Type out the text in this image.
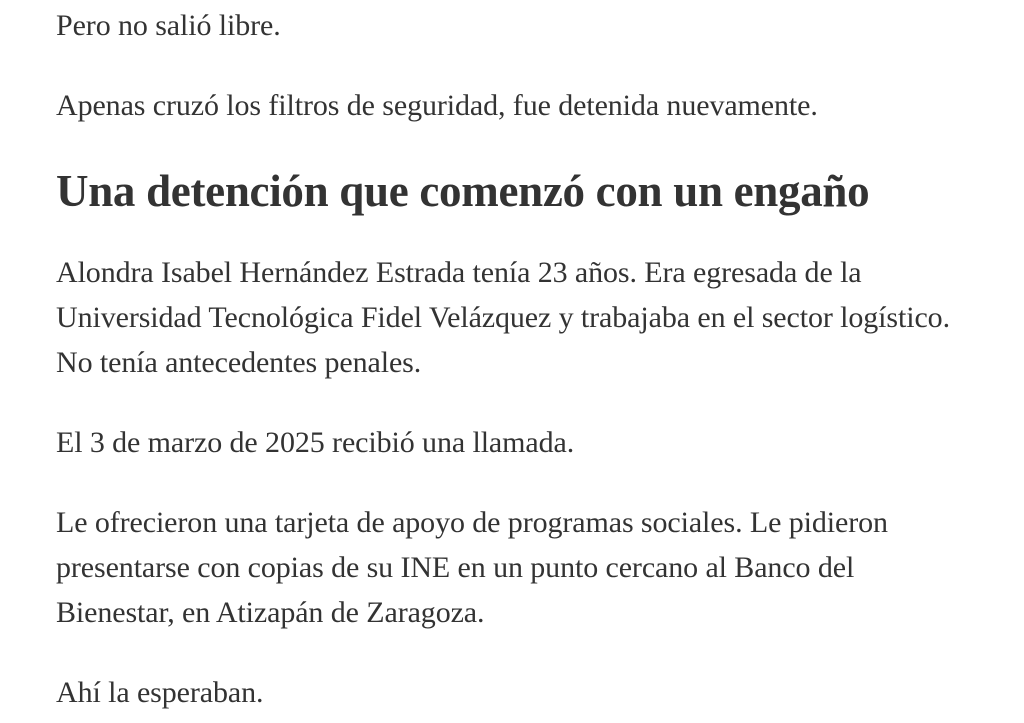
Pero no salió libre.

Apenas cruzó los filtros de seguridad, fue detenida nuevamente.

Una detención que comenzó con un engaño

Alondra Isabel Hernández Estrada tenía 23 años. Era egresada de la Universidad Tecnológica Fidel Velázquez y trabajaba en el sector logístico. No tenía antecedentes penales.

El 3 de marzo de 2025 recibió una llamada.

Le ofrecieron una tarjeta de apoyo de programas sociales. Le pidieron presentarse con copias de su INE en un punto cercano al Banco del Bienestar, en Atizapán de Zaragoza.

Ahí la esperaban.
